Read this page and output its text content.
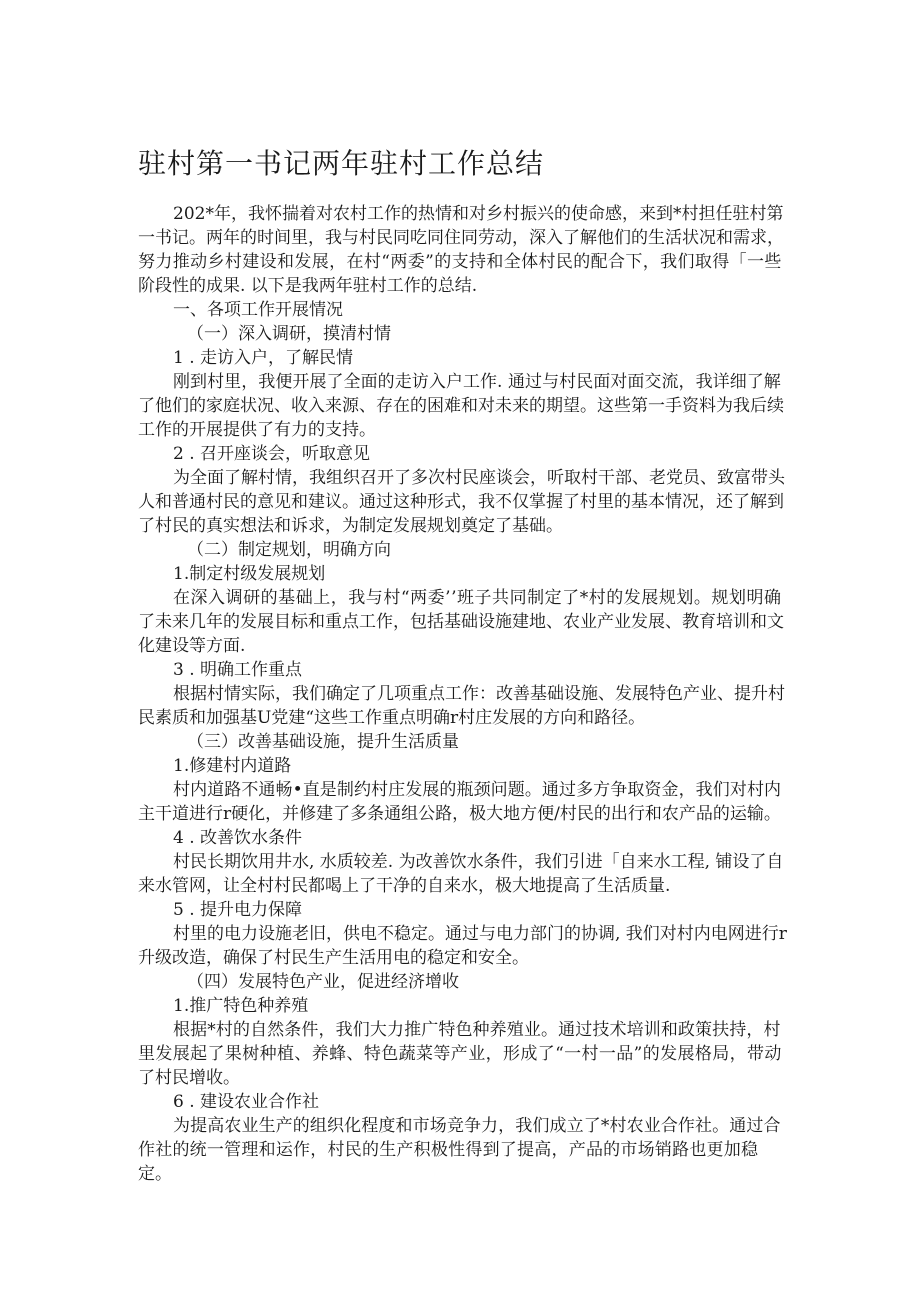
驻村第一书记两年驻村工作总结

202*年，我怀揣着对农村工作的热情和对乡村振兴的使命感，来到*村担任驻村第

一书记。两年的时间里，我与村民同吃同住同劳动，深入了解他们的生活状况和需求，

努力推动乡村建设和发展，在村“两委”的支持和全体村民的配合下，我们取得「一些

阶段性的成果. 以下是我两年驻村工作的总结.

一、各项工作开展情况

（一）深入调研，摸清村情

1 . 走访入户，了解民情

刚到村里，我便开展了全面的走访入户工作. 通过与村民面对面交流，我详细了解

了他们的家庭状况、收入来源、存在的困难和对未来的期望。这些第一手资料为我后续

工作的开展提供了有力的支持。

2 . 召开座谈会，听取意见

为全面了解村情，我组织召开了多次村民座谈会，听取村干部、老党员、致富带头

人和普通村民的意见和建议。通过这种形式，我不仅掌握了村里的基本情况，还了解到

了村民的真实想法和诉求，为制定发展规划奠定了基础。

（二）制定规划，明确方向

1.制定村级发展规划

在深入调研的基础上，我与村“两委’’班子共同制定了*村的发展规划。规划明确

了未来几年的发展目标和重点工作，包括基础设施建地、农业产业发展、教育培训和文

化建设等方面.

3 . 明确工作重点

根据村情实际，我们确定了几项重点工作：改善基础设施、发展特色产业、提升村

民素质和加强基U党建“这些工作重点明确r村庄发展的方向和路径。

（三）改善基础设施，提升生活质量

1.修建村内道路

村内道路不通畅•直是制约村庄发展的瓶颈问题。通过多方争取资金，我们对村内

主干道进行r硬化，并修建了多条通组公路，极大地方便/村民的出行和农产品的运输。

4 . 改善饮水条件

村民长期饮用井水, 水质较差. 为改善饮水条件，我们引进「自来水工程, 铺设了自

来水管网，让全村村民都喝上了干净的自来水，极大地提高了生活质量.

5 . 提升电力保障

村里的电力设施老旧，供电不稳定。通过与电力部门的协调, 我们对村内电网进行r

升级改造，确保了村民生产生活用电的稳定和安全。

（四）发展特色产业，促进经济增收

1.推广特色种养殖

根据*村的自然条件，我们大力推广特色种养殖业。通过技术培训和政策扶持，村

里发展起了果树种植、养蜂、特色蔬菜等产业，形成了“一村一品”的发展格局，带动

了村民增收。

6 . 建设农业合作社

为提高农业生产的组织化程度和市场竞争力，我们成立了*村农业合作社。通过合

作社的统一管理和运作，村民的生产积极性得到了提高，产品的市场销路也更加稳

定。
